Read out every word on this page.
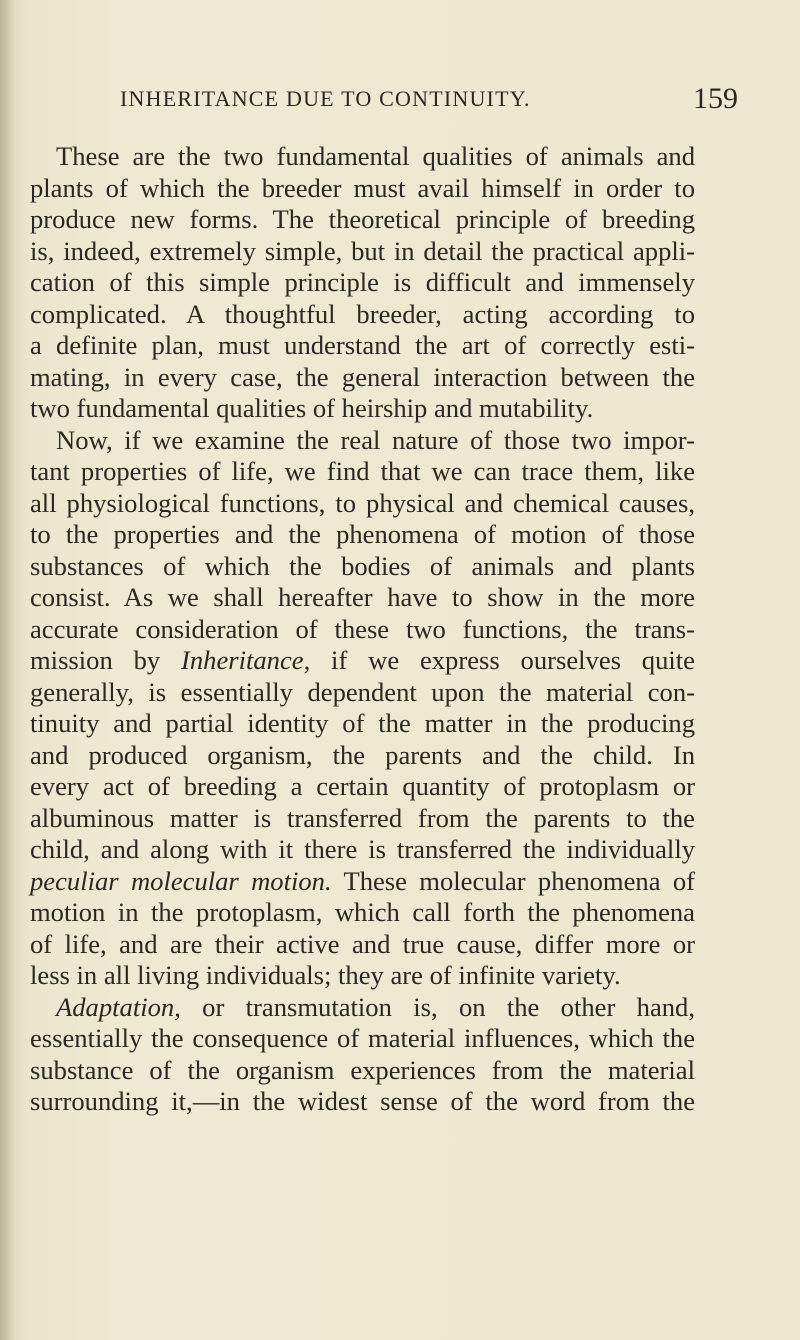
INHERITANCE DUE TO CONTINUITY.	159
These are the two fundamental qualities of animals and
plants of which the breeder must avail himself in order to
produce new forms. The theoretical principle of breeding
is, indeed, extremely simple, but in detail the practical appli-
cation of this simple principle is difficult and immensely
complicated. A thoughtful breeder, acting according to
a definite plan, must understand the art of correctly esti-
mating, in every case, the general interaction between the
two fundamental qualities of heirship and mutability.
Now, if we examine the real nature of those two impor-
tant properties of life, we find that we can trace them, like
all physiological functions, to physical and chemical causes,
to the properties and the phenomena of motion of those
substances of which the bodies of animals and plants
consist. As we shall hereafter have to show in the more
accurate consideration of these two functions, the trans-
mission by Inheritance, if we express ourselves quite
generally, is essentially dependent upon the material con-
tinuity and partial identity of the matter in the producing
and produced organism, the parents and the child. In
every act of breeding a certain quantity of protoplasm or
albuminous matter is transferred from the parents to the
child, and along with it there is transferred the individually
peculiar molecular motion. These molecular phenomena of
motion in the protoplasm, which call forth the phenomena
of life, and are their active and true cause, differ more or
less in all living individuals; they are of infinite variety.
Adaptation, or transmutation is, on the other hand,
essentially the consequence of material influences, which the
substance of the organism experiences from the material
surrounding it,—in the widest sense of the word from the
